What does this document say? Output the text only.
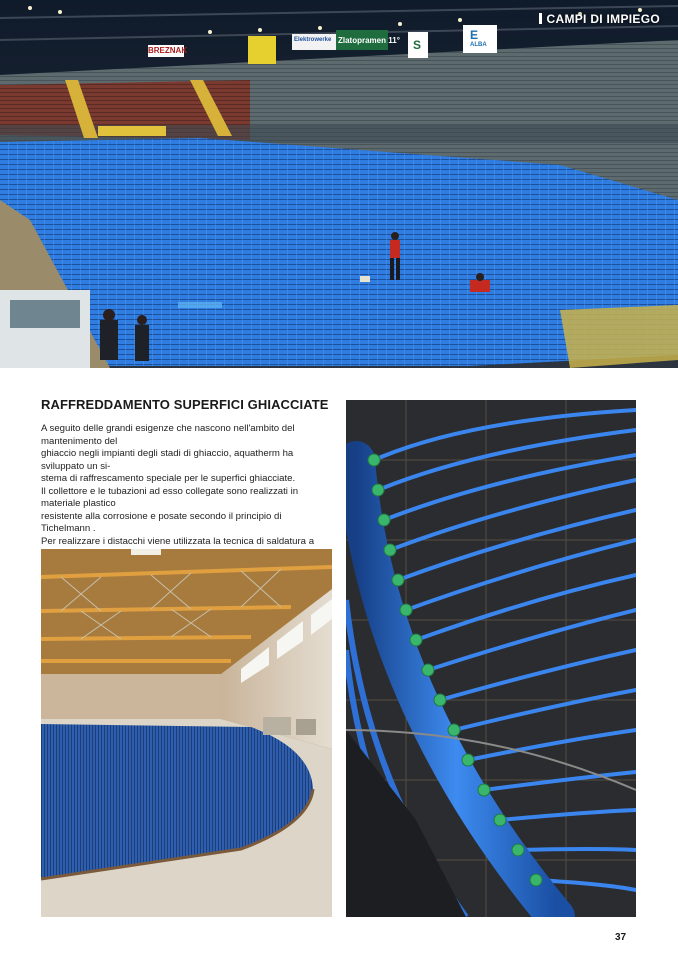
CAMPI DI IMPIEGO
BREZNAK
Zlatopramen 11°
Elektrowerke	S
E
ALBA
RAFFREDDAMENTO SUPERFICI GHIACCIATE

A seguito delle grandi esigenze che nascono nell'ambito del mantenimento del

ghiaccio negli impianti degli stadi di ghiaccio, aquatherm ha sviluppato un si-

stema di raffrescamento speciale per le superfici ghiacciate.

Il collettore e le tubazioni ad esso collegate sono realizzati in materiale plastico

resistente alla corrosione e posate secondo il principio di Tichelmann .

Per realizzare i distacchi viene utilizzata la tecnica di saldatura a

37
